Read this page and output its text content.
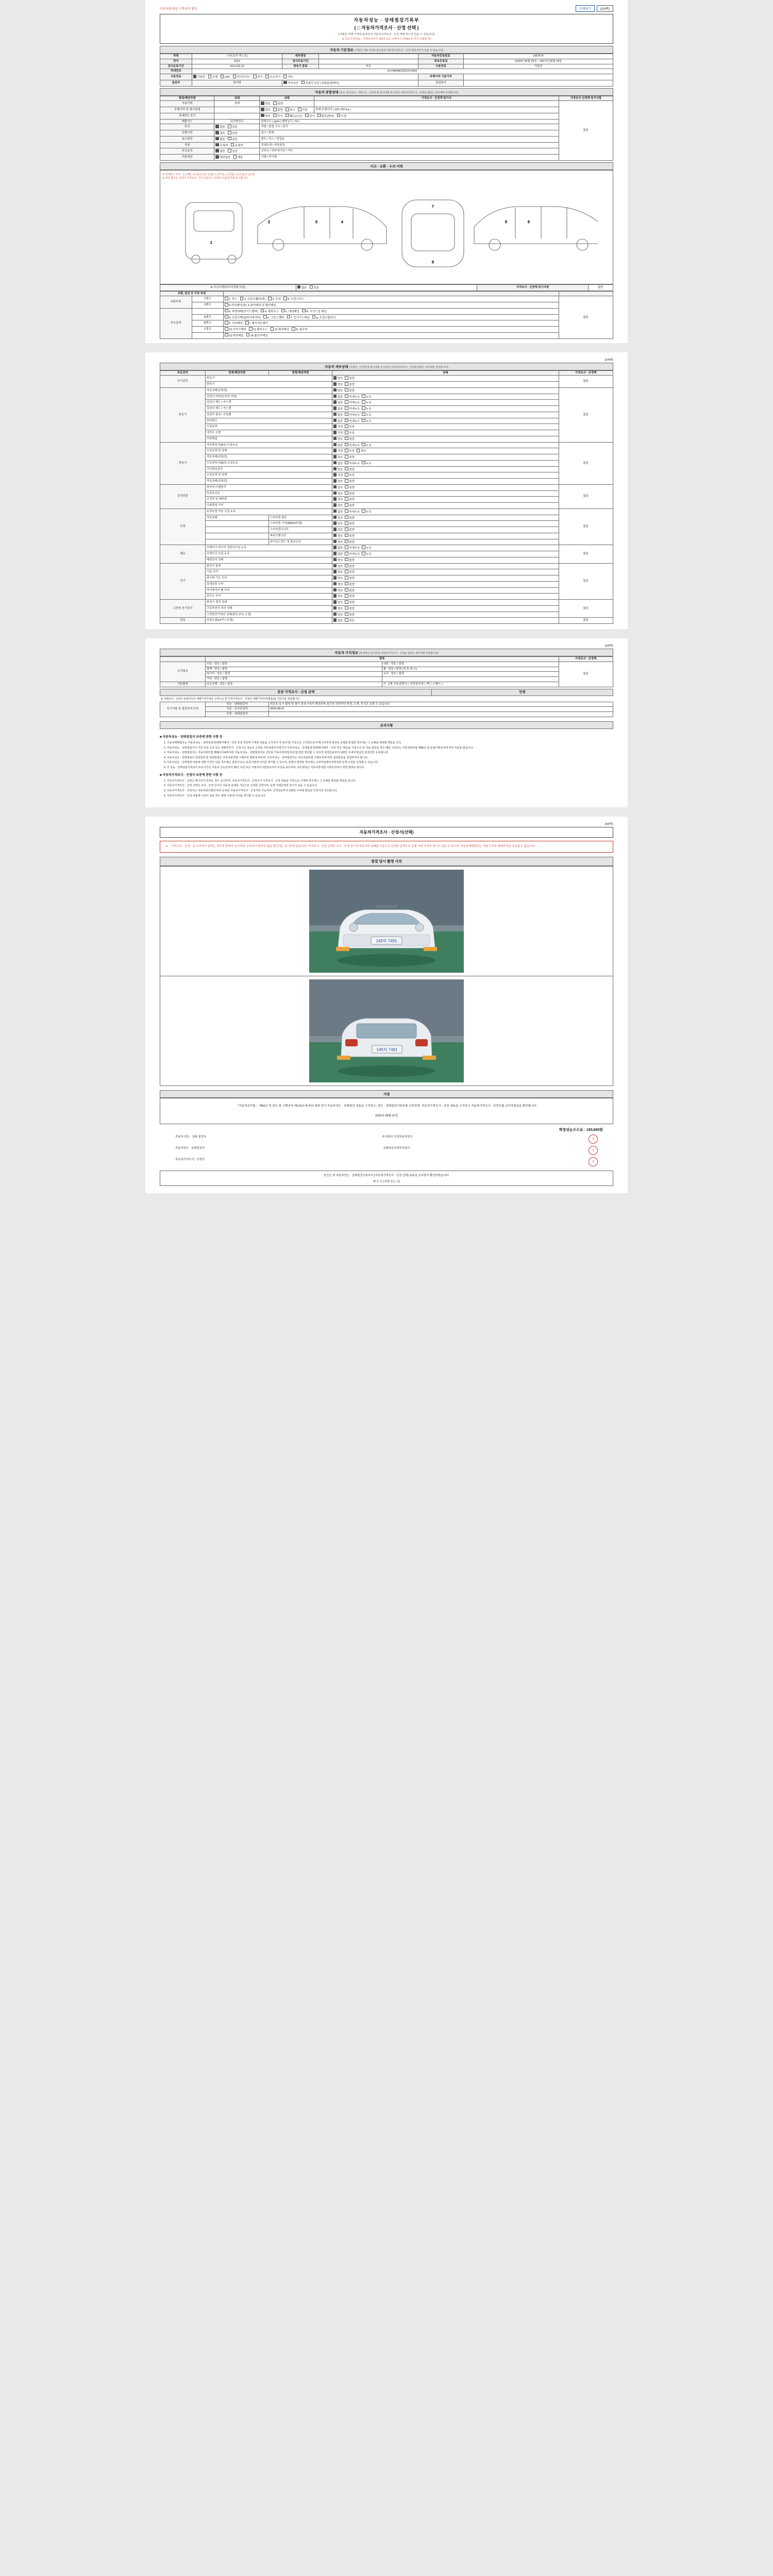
자동차관리법 시행규칙 별지	인쇄하기	(1/4쪽)
자동차성능 · 상태점검기록부
( □ 자동차가격조사 · 산정 선택 )
(거래상 거래 가격과 돌사안의 자동차가격조사 · 산정 액에 차이가 있을 수 있습니다)
※ 유효기간(성능 · 산정일로부터 120일 또는 주행거리 2천km 중 먼저 도래한 것)
자동차 기본정보 (거래상 거래 가격과 돌사안의 자동차가격조사 · 산정 액에 차이가 있을 수 있습니다)
차명	스파크(더 넥스트)	세부명칭		자동차등록번호	145허74
연식	2013	검사유효기간		최초등록일	2020년 06월 25일 ~ 2027년 06월 24일
검사유효기간	2013-05-23	변속기 종류	자동	사용연료	가솔린
차대번호	KLYMA48CDDC070292				
사용연료	가솔린 디젤 LPG 하이브리드 전기 수소전기 기타			주행거리 기준가치	
점검자	회사명	자가보증 보험사 보증 (상품용/판매사)		점검일자	
자동차 종합상태 (주요, 주요골조, 거래조사 · 산정의 및 목기내장 동사안의 자동차가격조사 · 산정을 원하는 경우에만 작성합니다)
항목/해당차량	상태	상태	가격조사 · 산정액 특기사	가격조사·산정액 특기사항
사용이력	상태	양호 불량		없음
주행거리 및 계기상태		양호 불량 표시 적정	현재 주행거리 ( 102,702 km )	
차대번호 표기		양호 부식 훼손(오손) 상이 변조(변타) 도말		
배출가스	일산화탄소	탄화수소 ( ppm ) 매연농도 ( % )		
튜닝	없음 있음	적법 / 불법 구조 / 장치		
특별이력	없음 있음	침수 / 화재		
용도변경	없음 있음	렌트 / 리스 / 영업용		
색상	무채색 유채색	전체도색 / 색상변경		
주요옵션	없음 있음	선루프 / 내비게이션 / 기타		
리콜대상	해당없음 해당	이행 / 미이행		
사고 · 교환 · 수리 이력
※ 상태표시 부호 : X (교환), W (판금 또는 용접), C (부식), A (긁힘), U (요철), T (손상)
※ 하단 항목은 실제의 가격조사, 기타 자동차는 실제로 부품에 한해 표시합니다.
1
2	3	4
7
8
5	6
※ 사고이력(미수리상태 부분)	없음	있음	가격조사 · 산정액 특기사항	없음
교환, 판금 등 이상 부위			
외판부위	1랭크	1. 후드 2. 프론트휀더(좌) 3. 도어 4. 트렁크리드	없음
	2랭크	5.리어펜더(좌), 6.쿼터패널 및 필러패널	
주요골격		a. 측면라메(사이드멤버) b. 휠하우스 c. 대쉬패널 B. 사이드실 패널	
	A랭크	d. 프론트패널(라디에이터) e. 크로스멤버 f. 인사이드패널 g. 트렁크플로어	
	B랭크	h. 리어패널 i. 패키지트레이	
	C랭크	10.사이드멤버 11.휠하우스 12.필러패널 A. 플로어	
		13.대쉬패널 14.플로어패널	
(2/4쪽)
자동차 세부상태 (거래상 · 산정액 및 목기내장 동사안의 자동차가격조사 · 산정을 원하는 경우에만 작성합니다)
주요장치	항목/해당차량	항목/해당차량	상태	가격조사 · 산정액
자기진단	원동기		양호 불량	없음
	변속기		양호 불량	
원동기	작동상태(공회전)		양호 불량	없음
	실린더 커버(로커암 커버)		없음 미세누유 누유	
	실린더 헤드 / 가스켓		없음 미세누유 누유	
	실린더 헤드 / 가스켓		없음 미세누유 누유	
	실린더 블록 / 오일팬		없음 미세누유 누유	
	워터펌프		없음 미세누수 누수	
	오일유량		적정 부족	
	냉각수 수량		적정 부족	
	커먼레일		양호 불량	
변속기	자동변속기(A/T) 오일누유		없음 미세누유 누유	없음
	오일유량 및 상태		적정 부족 과다	
	작동상태(공회전)		양호 불량	
	수동변속기(M/T) 오일누유		없음 미세누유 누유	
	기어변속장치		양호 불량	
	오일유량 및 상태		적정 부족	
	작동상태(공회전)		양호 불량	
동력전달	클러치 어셈블리		양호 불량	없음
	등속조인트		양호 불량	
	추진축 및 베어링		양호 불량	
	디퍼렌셜 기어		양호 불량	
조향	동력조향 작동 오일 누유		없음 미세누유 누유	없음
	작동상태	스티어링 펌프	양호 불량	
		스티어링 기어(MDPS포함)	양호 불량	
		스티어링조인트	양호 불량	
		파워크랭크암	양호 불량	
		타이로드엔드 및 볼조인트	양호 불량	
제동	브레이크 마스터 실린더오일 누유		없음 미세누유 누유	없음
	브레이크 오일 누유		없음 미세누유 누유	
	배력장치 상태		양호 불량	
전기	발전기 출력		양호 불량	없음
	시동 모터		양호 불량	
	와이퍼 기능 모터		양호 불량	
	실내송풍 모터		양호 불량	
	라디에이터 팬 모터		양호 불량	
	윈도우 모터		양호 불량	
고전원 전기장치	충전구 절연 상태		양호 불량	없음
	구동축전지 격리 상태		양호 불량	
	고전원전기배선 상태(접촉,보호,고정)		양호 불량	
연료	연료누출(LP가스포함)		없음 있음	없음
(3/4쪽)
자동차 가치정보 (※ 항목은 돌사안의 자동차가격조사 · 산정을 원하는 경우에만 작성합니다)
	항목		가격조사 · 산정액
수리필요	외장 : 양호 / 불량	내장 : 양호 / 불량	없음
	광택 : 양호 / 불량	휠 : 양호 / 불량 (전,후,좌,우)	
	타이어 : 양호 / 불량	유리 : 양호 / 불량	
	기타 : 양호 / 불량		
기본품목	보유상태 : 있음 / 없음	키 : 2개 사용설명서 □ 안전삼각대 □ 잭 □ 스패너 □	
증증 가격조사 · 산정 금액	만원
※ 거래조사 · 산정의 보험처리의 개별가격가격을 산정으로 한 가격가격조사 · 산정의 개별가격가격(별표)과 기준사용 적용합니다
특기사항 및 점검자의 의견	성능 · 상태점검자	현존표 특기 협력 및 평가 점검시에서 제정되며 최근의 차량적인 현장, 도색, 부식은 포함 수 있습니다
	기준 · 조사산정자	2025-08-07
	산정 · 상태점검자	
유의사항
■ 자동차성능 · 상태점검자 보증에 관한 사항 등

1. 자동차매매업자는 자동차성능 · 상태점검자(매매거래자 · 산정 작성 개인에 기재된 내용을 고지하지 아니(거짓) 거짓으로 고지함으로써 매수인에게 재산상 손해를 발생한 경우에는 그 손해를 배상할 책임을 진다.

2. 자동차성능 · 상태점검자가 거짓 작성 오류 또는 정확부인지 · 산정기준 성능의 고객용 자동차관리사업자가 자동차성능 · 상태점검자(매매거래자 · 산정 작성 개인)을 거짓으로 한 것을 알았을 경우 해당 사업자는 자동차관리법 제80조 및 동법시행규칙에 따라 처분을 받습니다.

3. 자동차성능 · 상태점검자는 자동차관리법 제58조의4에 따른 자동차성능 · 상태점검자로 선임된 자동차정비업자(사업자)만 발급할 수 있으며 점검일로부터 120일 이내에 발급된 점검자만 유효합니다.

4. 자동차성능 · 상태점검의 점검항목 및 점검방법은 자동차관리법 시행규칙 별표에 따르며, 자동차성능 · 상태점검자는 자동차관리법 시행규칙에 따른 점검항목을 점검하여야 합니다.

5. 자동차성능 · 상태점검 내용에 대한 이견이 있을 경우에는 점검자 또는 보증기관에 이의를 제기할 수 있으며, 분쟁이 발생한 경우에는 소비자분쟁조정위원회 등에 조정을 신청할 수 있습니다.

6. 이 성능 · 상태점검기록부의 보증기간은 자동차 인도일부터 30일 이상 또는 주행거리 2천킬로미터 이상을 보증하며, 보증범위는 자동차관리법 시행규칙에서 정한 범위로 합니다.

■ 자동차가격조사 · 산정자 보증에 관한 사항 등

1. 자동차가격조사 · 산정은 매수인이 원하는 경우 실시하며, 자동차가격조사 · 산정자가 가격조사 · 산정 내용을 거짓으로 기재한 경우에는 그 손해를 배상할 책임을 집니다.

2. 자동차가격조사 · 산정 금액은 조사 · 산정 당시의 자동차 상태를 기준으로 산정한 금액이며, 실제 거래금액과 차이가 있을 수 있습니다.

3. 자동차가격조사 · 산정자는 자동차관리법에 따라 등록된 자동차가격조사 · 산정자만 가능하며, 산정일로부터 120일 이내에 발급된 산정서만 유효합니다.

4. 자동차가격조사 · 산정 내용에 이견이 있을 경우 관련 기관에 이의를 제기할 수 있습니다.

(4/4쪽)
자동차가격조사 · 산정서(선택)
※ 「가격조사 · 산정」은 소비자가 원하는 경우에 한하여 실시하며, 소비자가 원하지 않을 경우에는 실시하지 않습니다. 가격조사 · 산정 금액은 조사 · 산정 당시의 자동차의 상태를 기준으로 산정한 금액으로 실제 거래 가격과 차이가 있을 수 있으며, 자동차매매업자는 이를 근거로 매매가격을 강요할 수 없습니다.
점검 당시 촬영 사진
145허 7491
CHEVROLET

145허 7491
서명
「자동차관리법」 제58조 및 같은 법 시행규칙 제120조에 따라 위와 같이 자동차성능 · 상태점검 내용을 고지하고, 성능 · 상태점검기록부를 교부하며, 자동차가격조사 · 산정 내용을 고지하고 자동차가격조사 · 산정서를 교부하였음을 확인합니다.
2025년 08월 07일
책정성능수수료 : 183,600원
자동차 성능 · 상태 점검자	주식회사 인천자동차검사
인
자동차성능 · 상태점검자	상태자동차정비공업사
인
자동차가격조사 · 산정자
인
본인은 위 자동차성능 · 상태점검기록부의 (자동차가격조사 · 산정 선택) 내용을 교부받아 확인하였습니다.
매 수 인 (서명 또는 인)
